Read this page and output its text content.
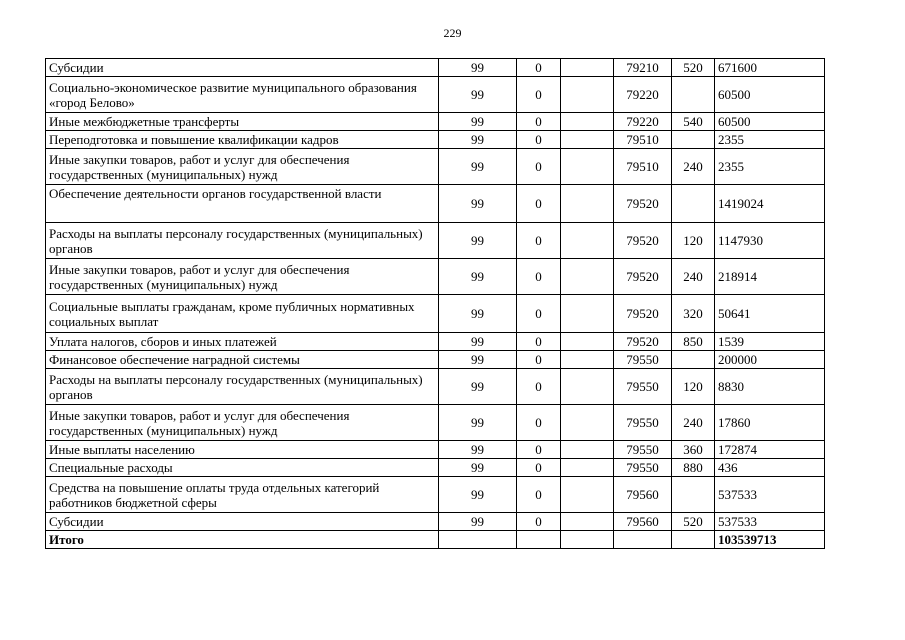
229
Субсидии	99	0		79210	520	671600
Социально-экономическое развитие муниципального образования «город Белово»	99	0		79220		60500
Иные межбюджетные трансферты	99	0		79220	540	60500
Переподготовка и повышение квалификации кадров	99	0		79510		2355
Иные закупки товаров, работ и услуг для обеспечения государственных (муниципальных) нужд	99	0		79510	240	2355
Обеспечение деятельности органов государственной власти	99	0		79520		1419024
Расходы на выплаты персоналу государственных (муниципальных) органов	99	0		79520	120	1147930
Иные закупки товаров, работ и услуг для обеспечения государственных (муниципальных) нужд	99	0		79520	240	218914
Социальные выплаты гражданам, кроме публичных нормативных социальных выплат	99	0		79520	320	50641
Уплата налогов, сборов и иных платежей	99	0		79520	850	1539
Финансовое обеспечение наградной системы	99	0		79550		200000
Расходы на выплаты персоналу государственных (муниципальных) органов	99	0		79550	120	8830
Иные закупки товаров, работ и услуг для обеспечения государственных (муниципальных) нужд	99	0		79550	240	17860
Иные выплаты населению	99	0		79550	360	172874
Специальные расходы	99	0		79550	880	436
Средства на повышение оплаты труда отдельных категорий работников бюджетной сферы	99	0		79560		537533
Субсидии	99	0		79560	520	537533
Итого						103539713
